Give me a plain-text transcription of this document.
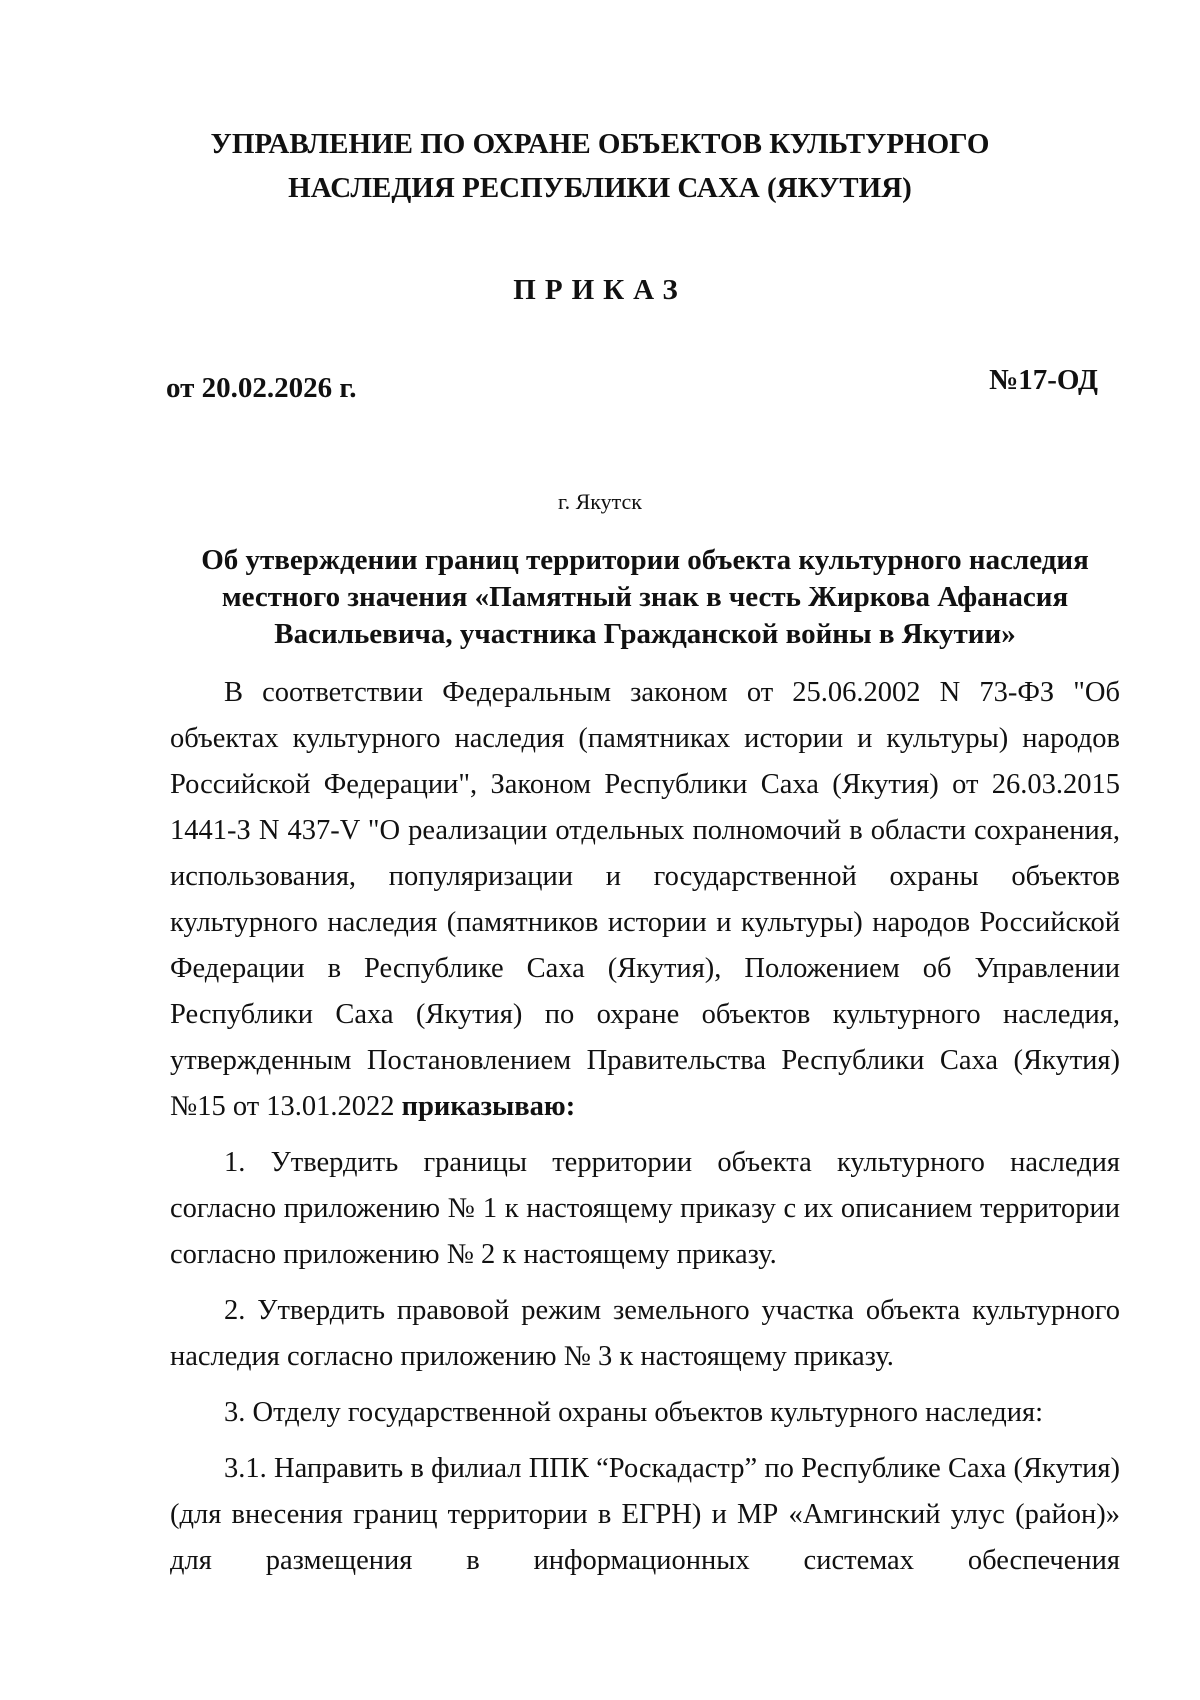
УПРАВЛЕНИЕ ПО ОХРАНЕ ОБЪЕКТОВ КУЛЬТУРНОГО
НАСЛЕДИЯ РЕСПУБЛИКИ САХА (ЯКУТИЯ)
ПРИКАЗ
от 20.02.2026 г.	№17-ОД
г. Якутск
Об утверждении границ территории объекта культурного наследия
местного значения «Памятный знак в честь Жиркова Афанасия
Васильевича, участника Гражданской войны в Якутии»

В соответствии Федеральным законом от 25.06.2002 N 73-ФЗ "Об объектах культурного наследия (памятниках истории и культуры) народов Российской Федерации", Законом Республики Саха (Якутия) от 26.03.2015 1441-З N 437-V "О реализации отдельных полномочий в области сохранения, использования, популяризации и государственной охраны объектов культурного наследия (памятников истории и культуры) народов Российской Федерации в Республике Саха (Якутия), Положением об Управлении Республики Саха (Якутия) по охране объектов культурного наследия, утвержденным Постановлением Правительства Республики Саха (Якутия) №15 от 13.01.2022 приказываю:

1. Утвердить границы территории объекта культурного наследия согласно приложению № 1 к настоящему приказу с их описанием территории согласно приложению № 2 к настоящему приказу.

2. Утвердить правовой режим земельного участка объекта культурного наследия согласно приложению № 3 к настоящему приказу.

3. Отделу государственной охраны объектов культурного наследия:

3.1. Направить в филиал ППК “Роскадастр” по Республике Саха (Якутия) (для внесения границ территории в ЕГРН) и МР «Амгинский улус (район)» для размещения в информационных системах обеспечения
